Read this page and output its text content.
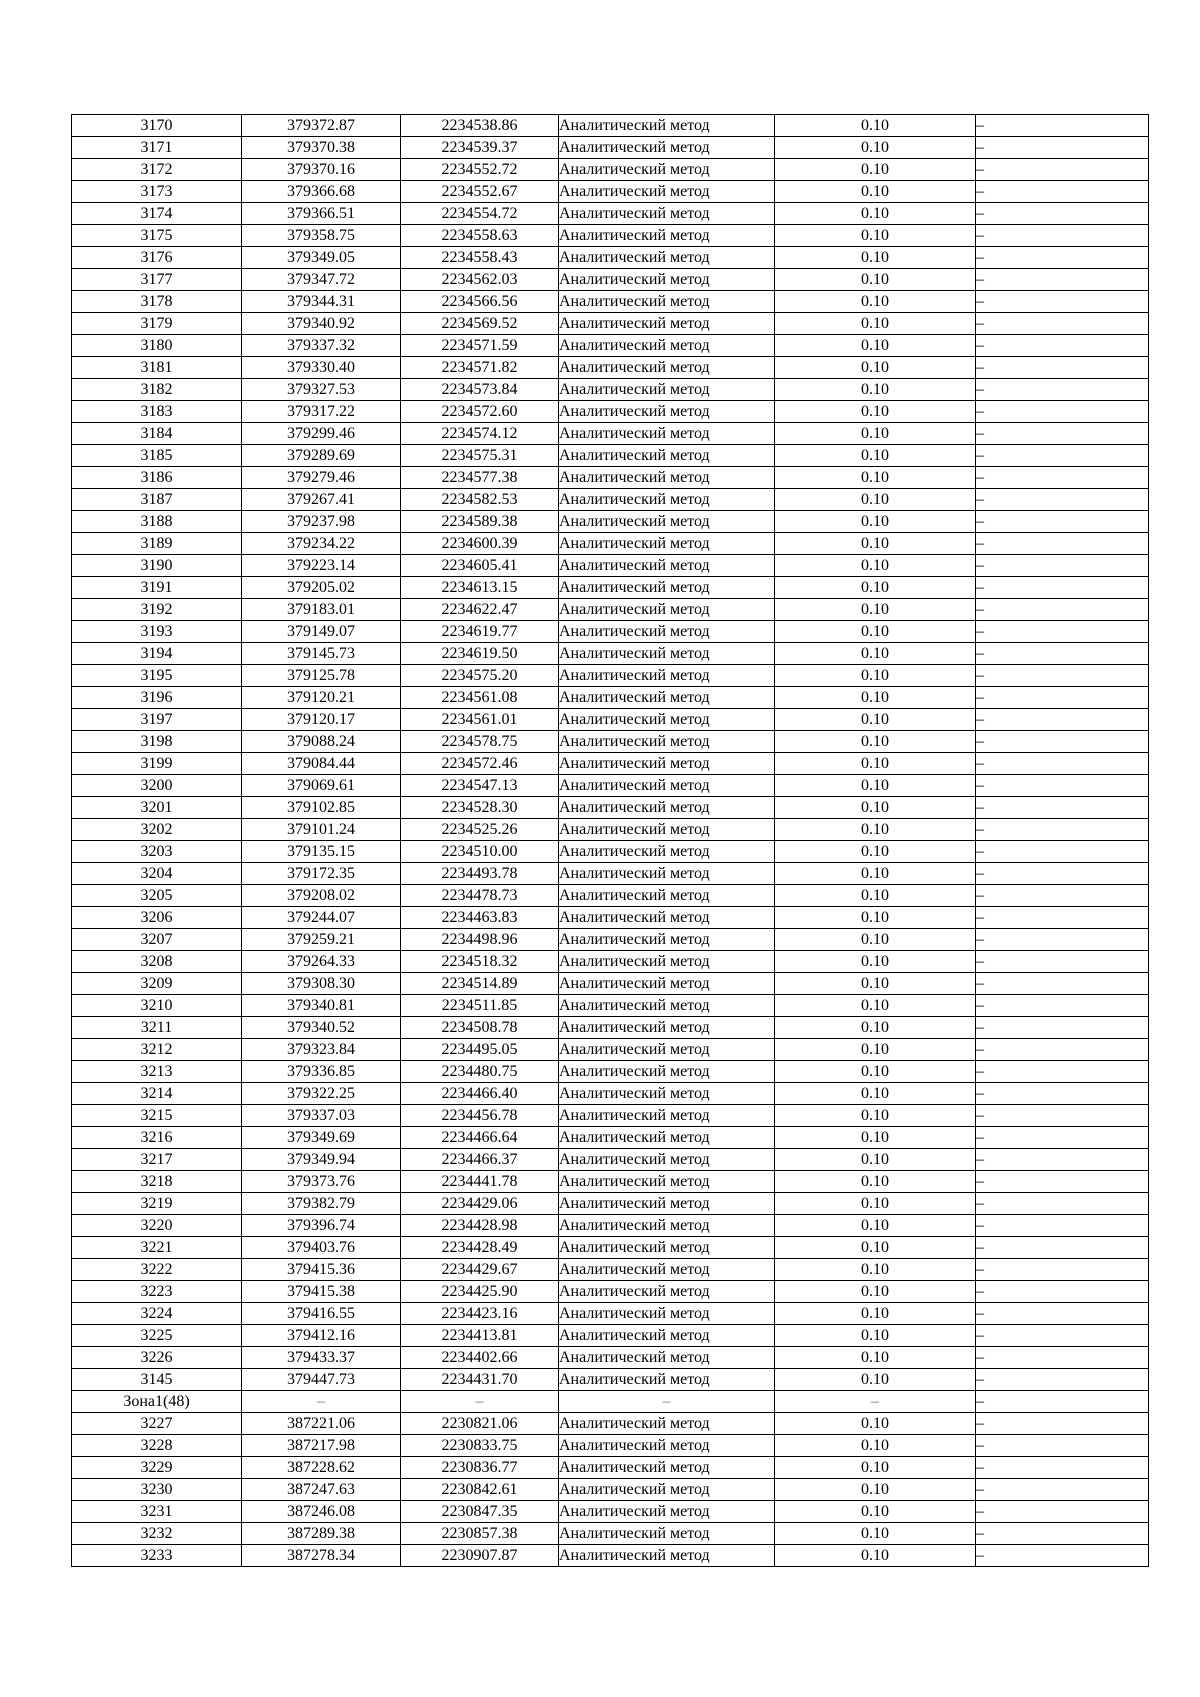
3170	379372.87	2234538.86	Аналитический метод	0.10	–
3171	379370.38	2234539.37	Аналитический метод	0.10	–
3172	379370.16	2234552.72	Аналитический метод	0.10	–
3173	379366.68	2234552.67	Аналитический метод	0.10	–
3174	379366.51	2234554.72	Аналитический метод	0.10	–
3175	379358.75	2234558.63	Аналитический метод	0.10	–
3176	379349.05	2234558.43	Аналитический метод	0.10	–
3177	379347.72	2234562.03	Аналитический метод	0.10	–
3178	379344.31	2234566.56	Аналитический метод	0.10	–
3179	379340.92	2234569.52	Аналитический метод	0.10	–
3180	379337.32	2234571.59	Аналитический метод	0.10	–
3181	379330.40	2234571.82	Аналитический метод	0.10	–
3182	379327.53	2234573.84	Аналитический метод	0.10	–
3183	379317.22	2234572.60	Аналитический метод	0.10	–
3184	379299.46	2234574.12	Аналитический метод	0.10	–
3185	379289.69	2234575.31	Аналитический метод	0.10	–
3186	379279.46	2234577.38	Аналитический метод	0.10	–
3187	379267.41	2234582.53	Аналитический метод	0.10	–
3188	379237.98	2234589.38	Аналитический метод	0.10	–
3189	379234.22	2234600.39	Аналитический метод	0.10	–
3190	379223.14	2234605.41	Аналитический метод	0.10	–
3191	379205.02	2234613.15	Аналитический метод	0.10	–
3192	379183.01	2234622.47	Аналитический метод	0.10	–
3193	379149.07	2234619.77	Аналитический метод	0.10	–
3194	379145.73	2234619.50	Аналитический метод	0.10	–
3195	379125.78	2234575.20	Аналитический метод	0.10	–
3196	379120.21	2234561.08	Аналитический метод	0.10	–
3197	379120.17	2234561.01	Аналитический метод	0.10	–
3198	379088.24	2234578.75	Аналитический метод	0.10	–
3199	379084.44	2234572.46	Аналитический метод	0.10	–
3200	379069.61	2234547.13	Аналитический метод	0.10	–
3201	379102.85	2234528.30	Аналитический метод	0.10	–
3202	379101.24	2234525.26	Аналитический метод	0.10	–
3203	379135.15	2234510.00	Аналитический метод	0.10	–
3204	379172.35	2234493.78	Аналитический метод	0.10	–
3205	379208.02	2234478.73	Аналитический метод	0.10	–
3206	379244.07	2234463.83	Аналитический метод	0.10	–
3207	379259.21	2234498.96	Аналитический метод	0.10	–
3208	379264.33	2234518.32	Аналитический метод	0.10	–
3209	379308.30	2234514.89	Аналитический метод	0.10	–
3210	379340.81	2234511.85	Аналитический метод	0.10	–
3211	379340.52	2234508.78	Аналитический метод	0.10	–
3212	379323.84	2234495.05	Аналитический метод	0.10	–
3213	379336.85	2234480.75	Аналитический метод	0.10	–
3214	379322.25	2234466.40	Аналитический метод	0.10	–
3215	379337.03	2234456.78	Аналитический метод	0.10	–
3216	379349.69	2234466.64	Аналитический метод	0.10	–
3217	379349.94	2234466.37	Аналитический метод	0.10	–
3218	379373.76	2234441.78	Аналитический метод	0.10	–
3219	379382.79	2234429.06	Аналитический метод	0.10	–
3220	379396.74	2234428.98	Аналитический метод	0.10	–
3221	379403.76	2234428.49	Аналитический метод	0.10	–
3222	379415.36	2234429.67	Аналитический метод	0.10	–
3223	379415.38	2234425.90	Аналитический метод	0.10	–
3224	379416.55	2234423.16	Аналитический метод	0.10	–
3225	379412.16	2234413.81	Аналитический метод	0.10	–
3226	379433.37	2234402.66	Аналитический метод	0.10	–
3145	379447.73	2234431.70	Аналитический метод	0.10	–
Зона1(48)	–	–	–	–	–
3227	387221.06	2230821.06	Аналитический метод	0.10	–
3228	387217.98	2230833.75	Аналитический метод	0.10	–
3229	387228.62	2230836.77	Аналитический метод	0.10	–
3230	387247.63	2230842.61	Аналитический метод	0.10	–
3231	387246.08	2230847.35	Аналитический метод	0.10	–
3232	387289.38	2230857.38	Аналитический метод	0.10	–
3233	387278.34	2230907.87	Аналитический метод	0.10	–
